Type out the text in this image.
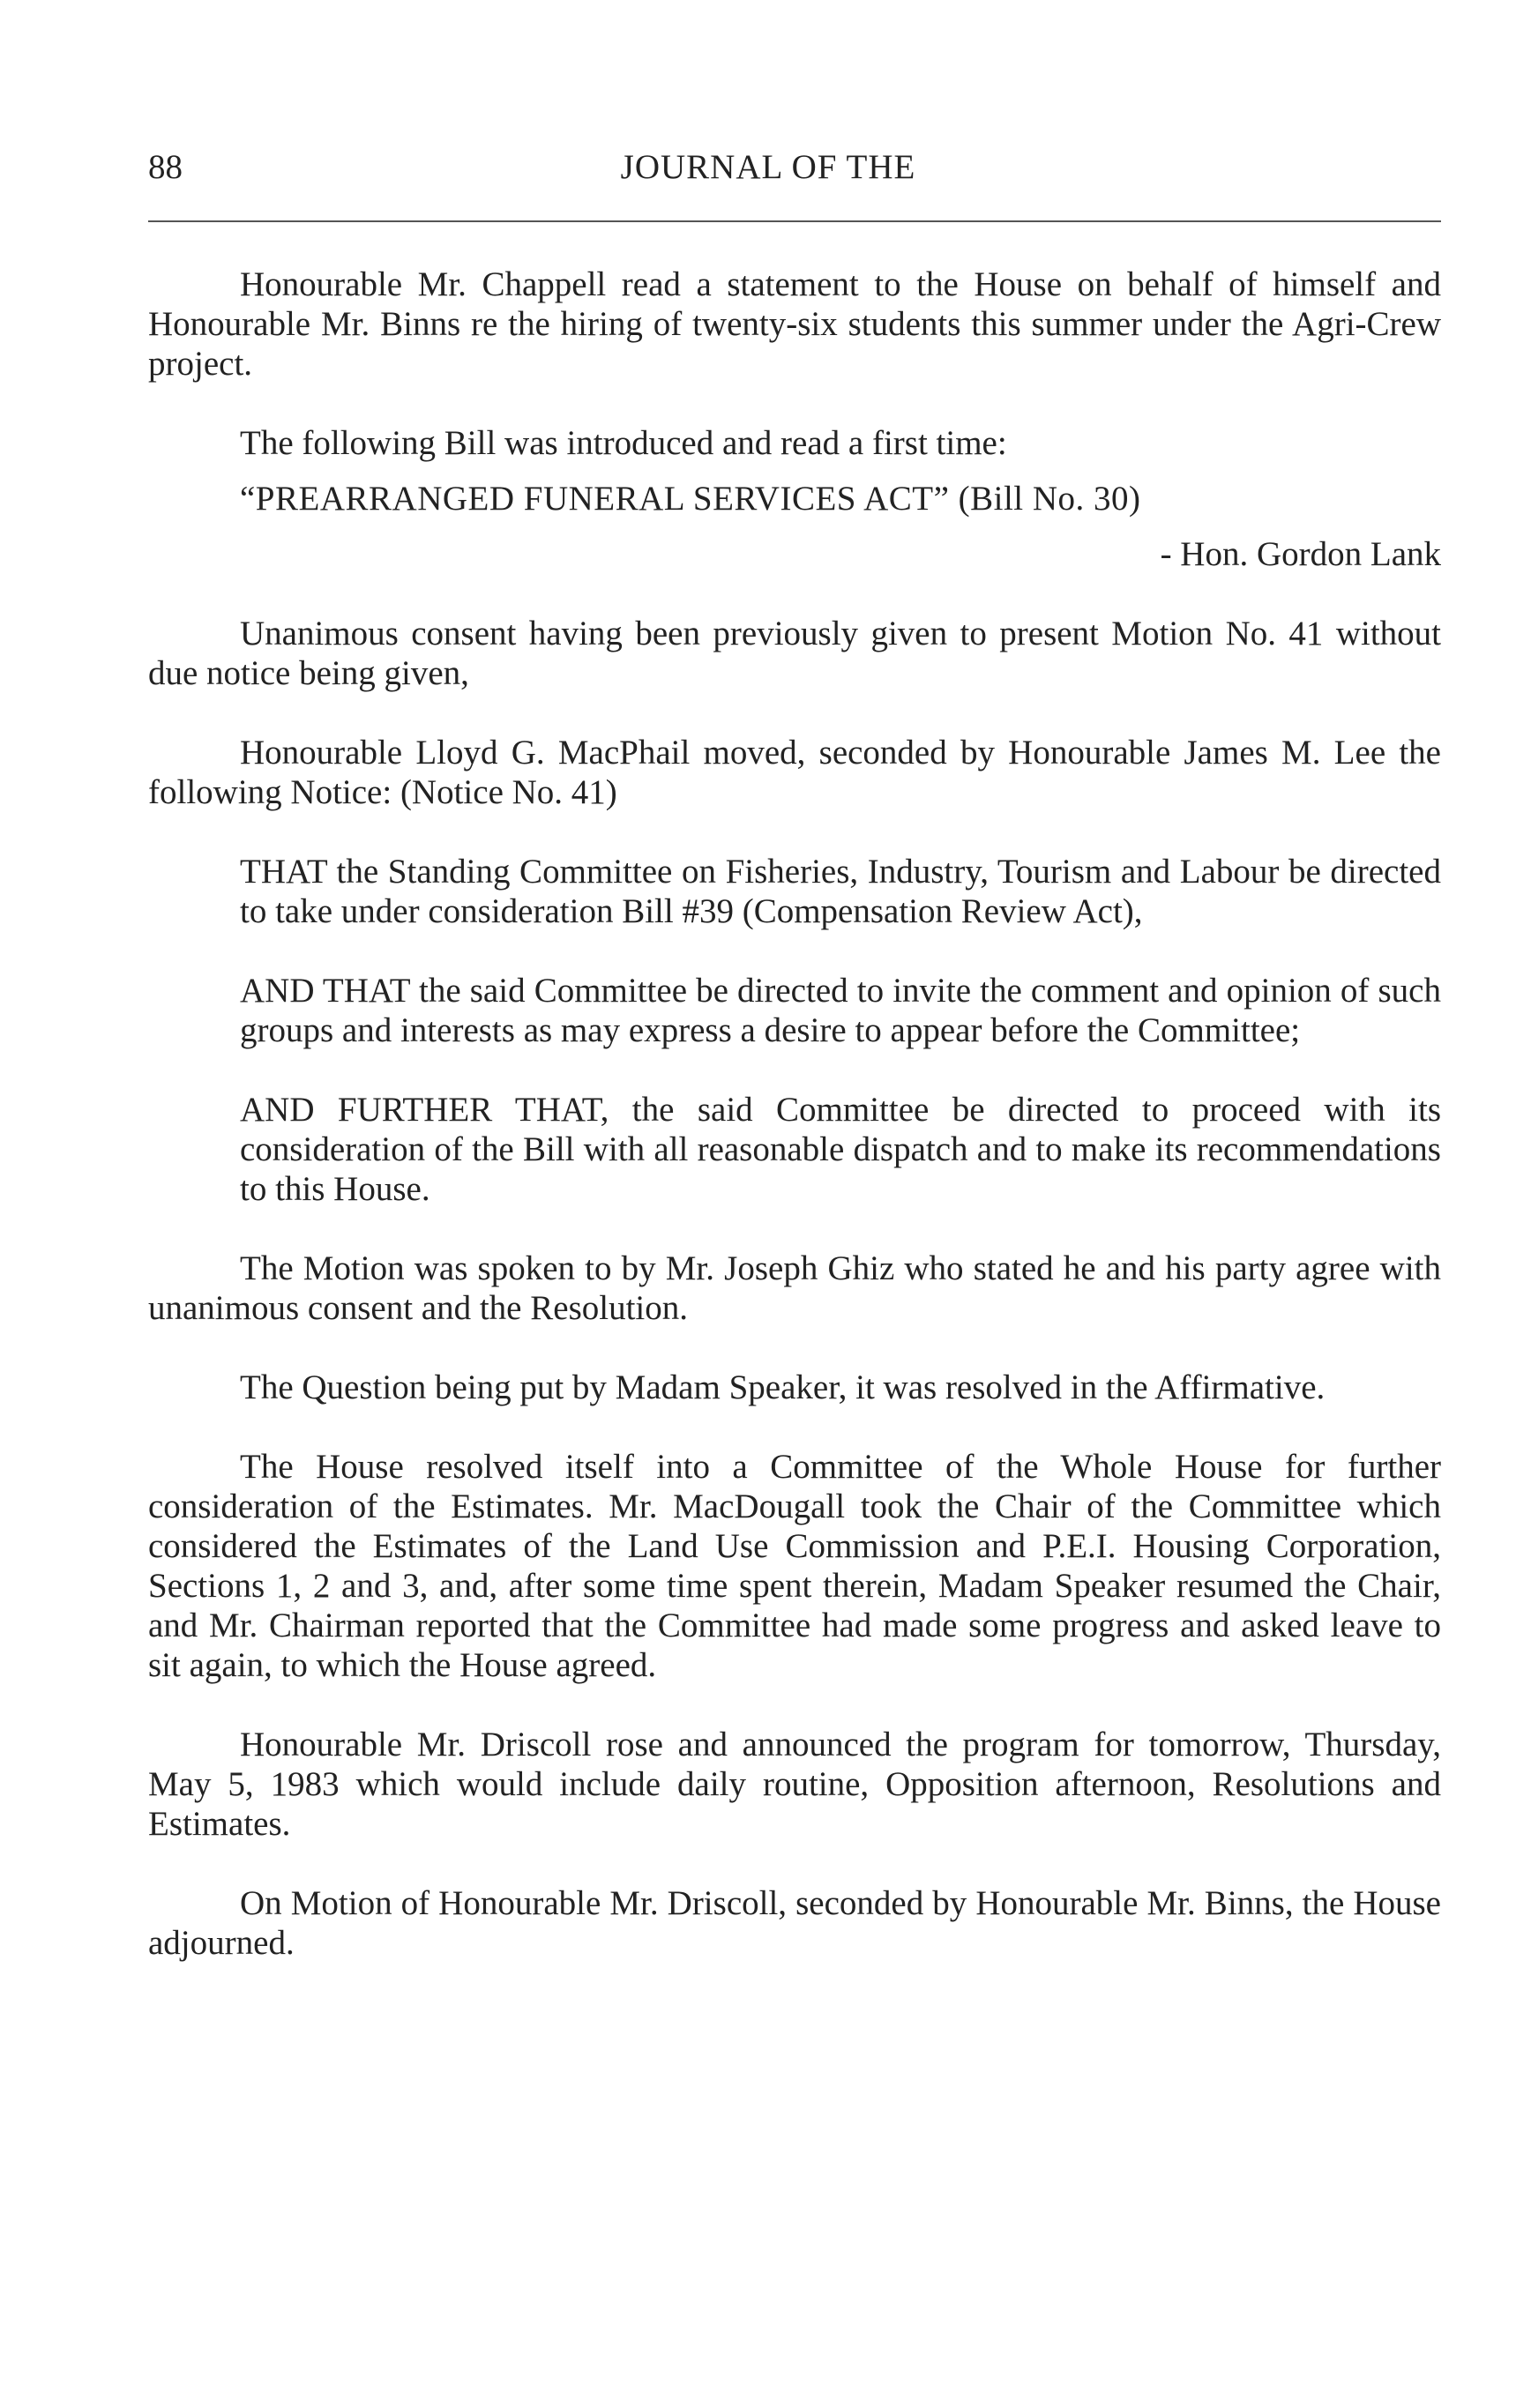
88	JOURNAL OF THE

Honourable Mr. Chappell read a statement to the House on behalf of himself and Honourable Mr. Binns re the hiring of twenty-six students this summer under the Agri-Crew project.

The following Bill was introduced and read a first time:

“PREARRANGED FUNERAL SERVICES ACT” (Bill No. 30)

- Hon. Gordon Lank

Unanimous consent having been previously given to present Motion No. 41 without due notice being given,

Honourable Lloyd G. MacPhail moved, seconded by Honourable James M. Lee the following Notice: (Notice No. 41)

THAT the Standing Committee on Fisheries, Industry, Tourism and Labour be directed to take under consideration Bill #39 (Compensation Review Act),

AND THAT the said Committee be directed to invite the comment and opinion of such groups and interests as may express a desire to appear before the Committee;

AND FURTHER THAT, the said Committee be directed to proceed with its consideration of the Bill with all reasonable dispatch and to make its recommendations to this House.

The Motion was spoken to by Mr. Joseph Ghiz who stated he and his party agree with unanimous consent and the Resolution.

The Question being put by Madam Speaker, it was resolved in the Affirmative.

The House resolved itself into a Committee of the Whole House for further consideration of the Estimates. Mr. MacDougall took the Chair of the Committee which considered the Estimates of the Land Use Commission and P.E.I. Housing Corporation, Sections 1, 2 and 3, and, after some time spent therein, Madam Speaker resumed the Chair, and Mr. Chairman reported that the Committee had made some progress and asked leave to sit again, to which the House agreed.

Honourable Mr. Driscoll rose and announced the program for tomorrow, Thursday, May 5, 1983 which would include daily routine, Opposition afternoon, Resolutions and Estimates.

On Motion of Honourable Mr. Driscoll, seconded by Honourable Mr. Binns, the House adjourned.
